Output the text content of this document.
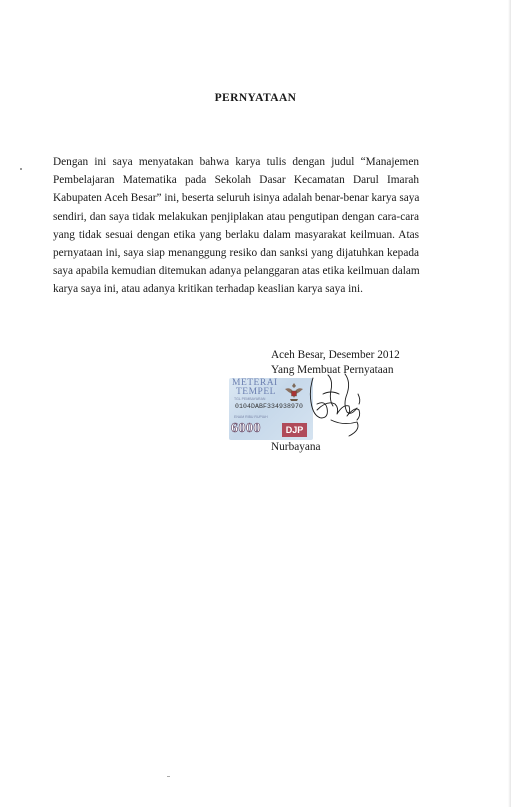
PERNYATAAN
Dengan ini saya menyatakan bahwa karya tulis dengan judul “Manajemen
Pembelajaran Matematika pada Sekolah Dasar Kecamatan Darul Imarah
Kabupaten Aceh Besar” ini, beserta seluruh isinya adalah benar-benar karya saya
sendiri, dan saya tidak melakukan penjiplakan atau pengutipan dengan cara-cara
yang tidak sesuai dengan etika yang berlaku dalam masyarakat keilmuan. Atas
pernyataan ini, saya siap menanggung resiko dan sanksi yang dijatuhkan kepada
saya apabila kemudian ditemukan adanya pelanggaran atas etika keilmuan dalam
karya saya ini, atau adanya kritikan terhadap keaslian karya saya ini.
Aceh Besar, Desember 2012
Yang Membuat Pernyataan
Nurbayana
METERAI
TEMPEL
TGL PEMBAYARAN
ENAM RIBU RUPIAH
0104DABF334938970
6000	DJP
